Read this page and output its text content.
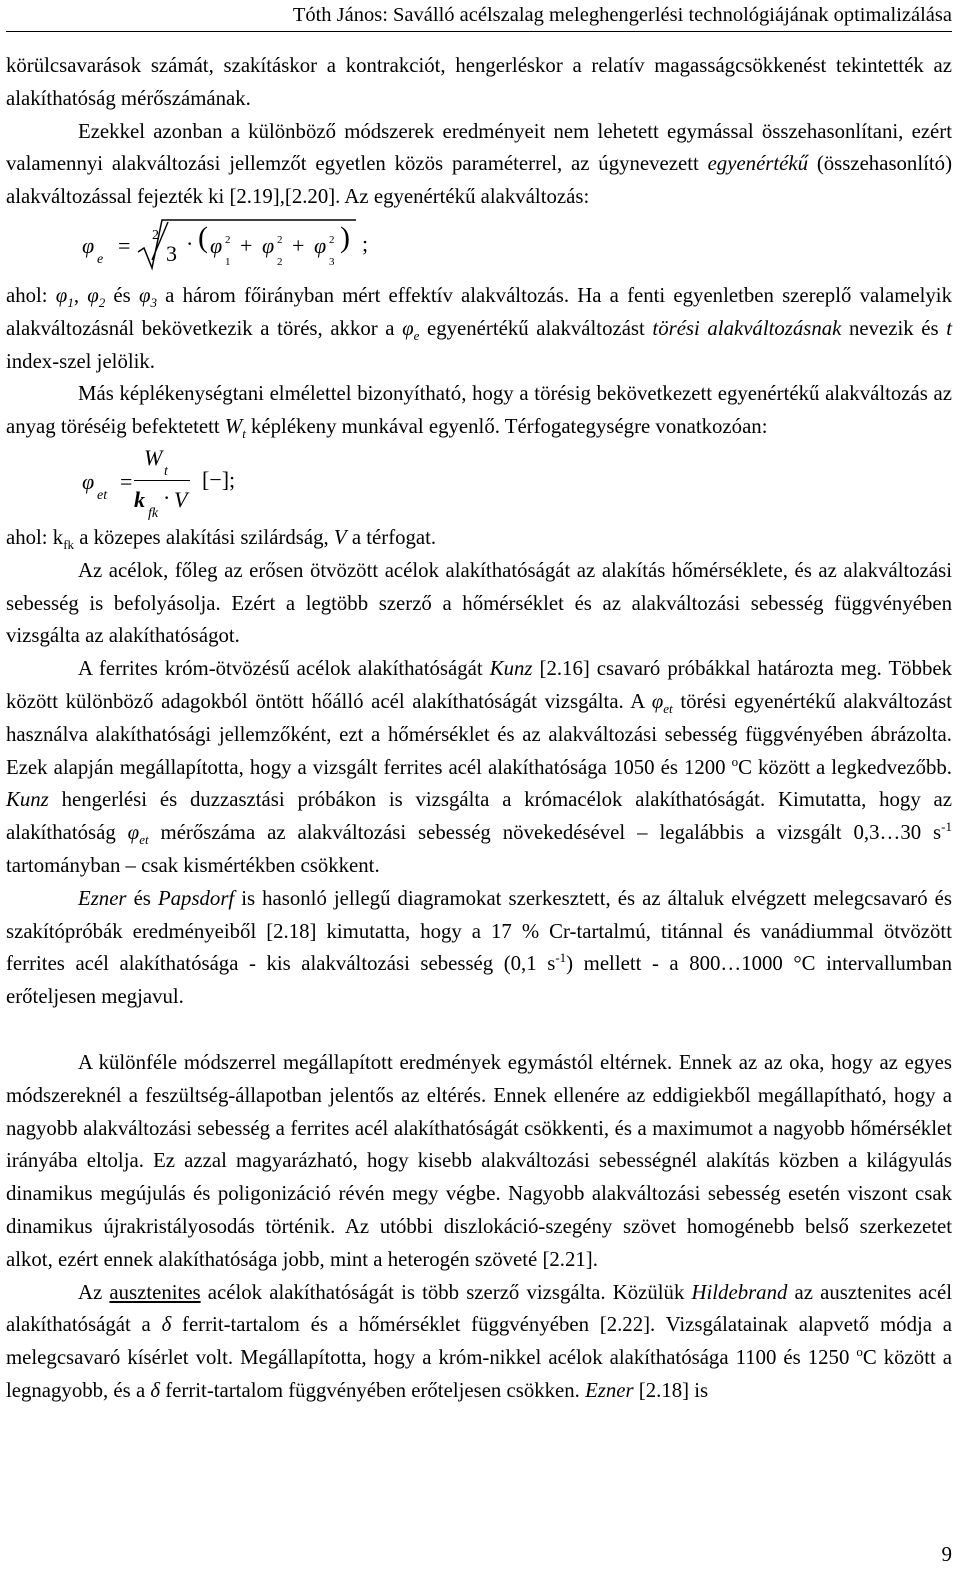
Tóth János: Saválló acélszalag meleghengerlési technológiájának optimalizálása

körülcsavarások számát, szakításkor a kontrakciót, hengerléskor a relatív magasságcsökkenést tekintették az alakíthatóság mérőszámának.

Ezekkel azonban a különböző módszerek eredményeit nem lehetett egymással összehasonlítani, ezért valamennyi alakváltozási jellemzőt egyetlen közös paraméterrel, az úgynevezett egyenértékű (összehasonlító) alakváltozással fejezték ki [2.19],[2.20]. Az egyenértékű alakváltozás:

φ
e
= 2
3 · ( φ 2
1
+ φ 2
2
+ φ 2
3
) ;

ahol: $\varphi_1$, $\varphi_2$ és $\varphi_3$ a három főirányban mért effektív alakváltozás. Ha a fenti egyenletben szereplő valamelyik alakváltozásnál bekövetkezik a törés, akkor a $\varphi_e$ egyenértékű alakváltozást törési alakváltozásnak nevezik és t index-szel jelölik.

Más képlékenységtani elmélettel bizonyítható, hogy a törésig bekövetkezett egyenértékű alakváltozás az anyag töréséig befektetett $W_t$ képlékeny munkával egyenlő. Térfogategységre vonatkozóan:

φ
et
=
W
t
k
fk
· V
[−];

ahol: $k_{fk}$ a közepes alakítási szilárdság, V a térfogat.

Az acélok, főleg az erősen ötvözött acélok alakíthatóságát az alakítás hőmérséklete, és az alakváltozási sebesség is befolyásolja. Ezért a legtöbb szerző a hőmérséklet és az alakváltozási sebesség függvényében vizsgálta az alakíthatóságot.

A ferrites króm-ötvözésű acélok alakíthatóságát Kunz [2.16] csavaró próbákkal határozta meg. Többek között különböző adagokból öntött hőálló acél alakíthatóságát vizsgálta. A $\varphi_{et}$ törési egyenértékű alakváltozást használva alakíthatósági jellemzőként, ezt a hőmérséklet és az alakváltozási sebesség függvényében ábrázolta. Ezek alapján megállapította, hogy a vizsgált ferrites acél alakíthatósága 1050 és 1200 $^o$C között a legkedvezőbb. Kunz hengerlési és duzzasztási próbákon is vizsgálta a krómacélok alakíthatóságát. Kimutatta, hogy az alakíthatóság $\varphi_{et}$ mérőszáma az alakváltozási sebesség növekedésével – legalábbis a vizsgált 0,3…30 $s^{-1}$ tartományban – csak kismértékben csökkent.

Ezner és Papsdorf is hasonló jellegű diagramokat szerkesztett, és az általuk elvégzett melegcsavaró és szakítópróbák eredményeiből [2.18] kimutatta, hogy a 17 % Cr-tartalmú, titánnal és vanádiummal ötvözött ferrites acél alakíthatósága - kis alakváltozási sebesség (0,1 $s^{-1}$) mellett - a 800…1000 °C intervallumban erőteljesen megjavul.

A különféle módszerrel megállapított eredmények egymástól eltérnek. Ennek az az oka, hogy az egyes módszereknél a feszültség-állapotban jelentős az eltérés. Ennek ellenére az eddigiekből megállapítható, hogy a nagyobb alakváltozási sebesség a ferrites acél alakíthatóságát csökkenti, és a maximumot a nagyobb hőmérséklet irányába eltolja. Ez azzal magyarázható, hogy kisebb alakváltozási sebességnél alakítás közben a kilágyulás dinamikus megújulás és poligonizáció révén megy végbe. Nagyobb alakváltozási sebesség esetén viszont csak dinamikus újrakristályosodás történik. Az utóbbi diszlokáció-szegény szövet homogénebb belső szerkezetet alkot, ezért ennek alakíthatósága jobb, mint a heterogén szöveté [2.21].

Az ausztenites acélok alakíthatóságát is több szerző vizsgálta. Közülük Hildebrand az ausztenites acél alakíthatóságát a δ ferrit-tartalom és a hőmérséklet függvényében [2.22]. Vizsgálatainak alapvető módja a melegcsavaró kísérlet volt. Megállapította, hogy a króm-nikkel acélok alakíthatósága 1100 és 1250 $^o$C között a legnagyobb, és a δ ferrit-tartalom függvényében erőteljesen csökken. Ezner [2.18] is

9
